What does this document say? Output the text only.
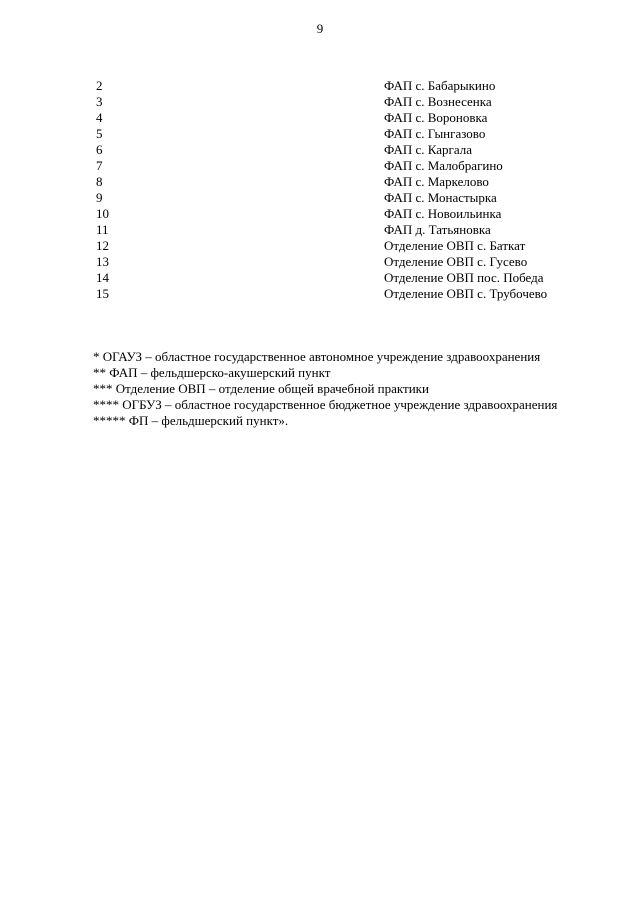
9
2	ФАП с. Бабарыкино
3	ФАП с. Вознесенка
4	ФАП с. Вороновка
5	ФАП с. Гынгазово
6	ФАП с. Каргала
7	ФАП с. Малобрагино
8	ФАП с. Маркелово
9	ФАП с. Монастырка
10	ФАП с. Новоильинка
11	ФАП д. Татьяновка
12	Отделение ОВП с. Баткат
13	Отделение ОВП с. Гусево
14	Отделение ОВП пос. Победа
15	Отделение ОВП с. Трубочево
* ОГАУЗ – областное государственное автономное учреждение здравоохранения
** ФАП – фельдшерско-акушерский пункт
*** Отделение ОВП – отделение общей врачебной практики
**** ОГБУЗ – областное государственное бюджетное учреждение здравоохранения
***** ФП – фельдшерский пункт».
